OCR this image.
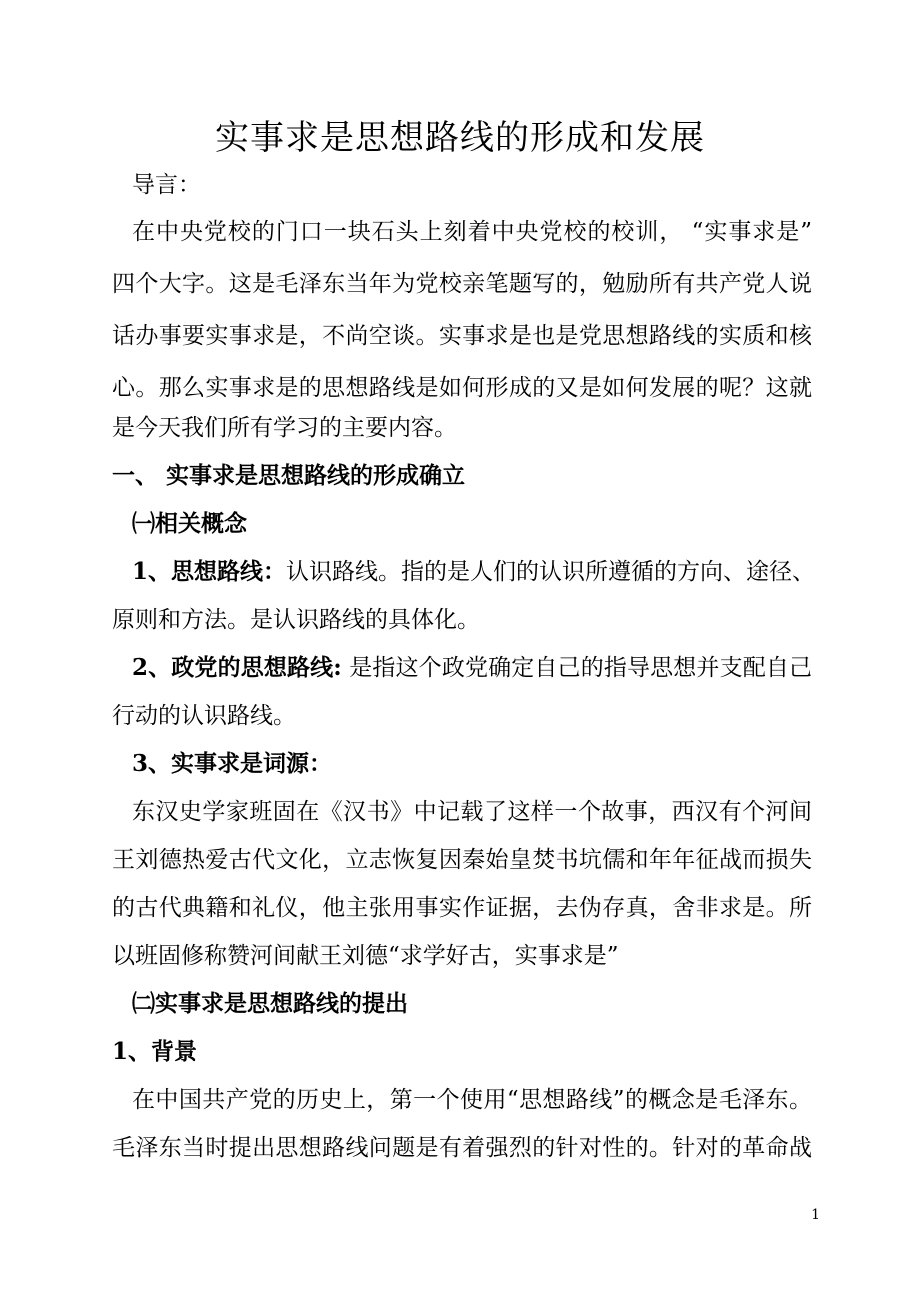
实事求是思想路线的形成和发展
导言：
在中央党校的门口一块石头上刻着中央党校的校训， “实事求是”
四个大字。这是毛泽东当年为党校亲笔题写的，勉励所有共产党人说
话办事要实事求是，不尚空谈。实事求是也是党思想路线的实质和核
心。那么实事求是的思想路线是如何形成的又是如何发展的呢？这就
是今天我们所有学习的主要内容。
一、 实事求是思想路线的形成确立
㈠相关概念
1、思想路线：认识路线。指的是人们的认识所遵循的方向、途径、
原则和方法。是认识路线的具体化。
2、政党的思想路线: 是指这个政党确定自己的指导思想并支配自己
行动的认识路线。
3、实事求是词源：
东汉史学家班固在《汉书》中记载了这样一个故事，西汉有个河间
王刘德热爱古代文化，立志恢复因秦始皇焚书坑儒和年年征战而损失
的古代典籍和礼仪，他主张用事实作证据，去伪存真，舍非求是。所
以班固修称赞河间献王刘德“求学好古，实事求是”
㈡实事求是思想路线的提出
1、背景
在中国共产党的历史上，第一个使用“思想路线”的概念是毛泽东。
毛泽东当时提出思想路线问题是有着强烈的针对性的。针对的革命战
1
